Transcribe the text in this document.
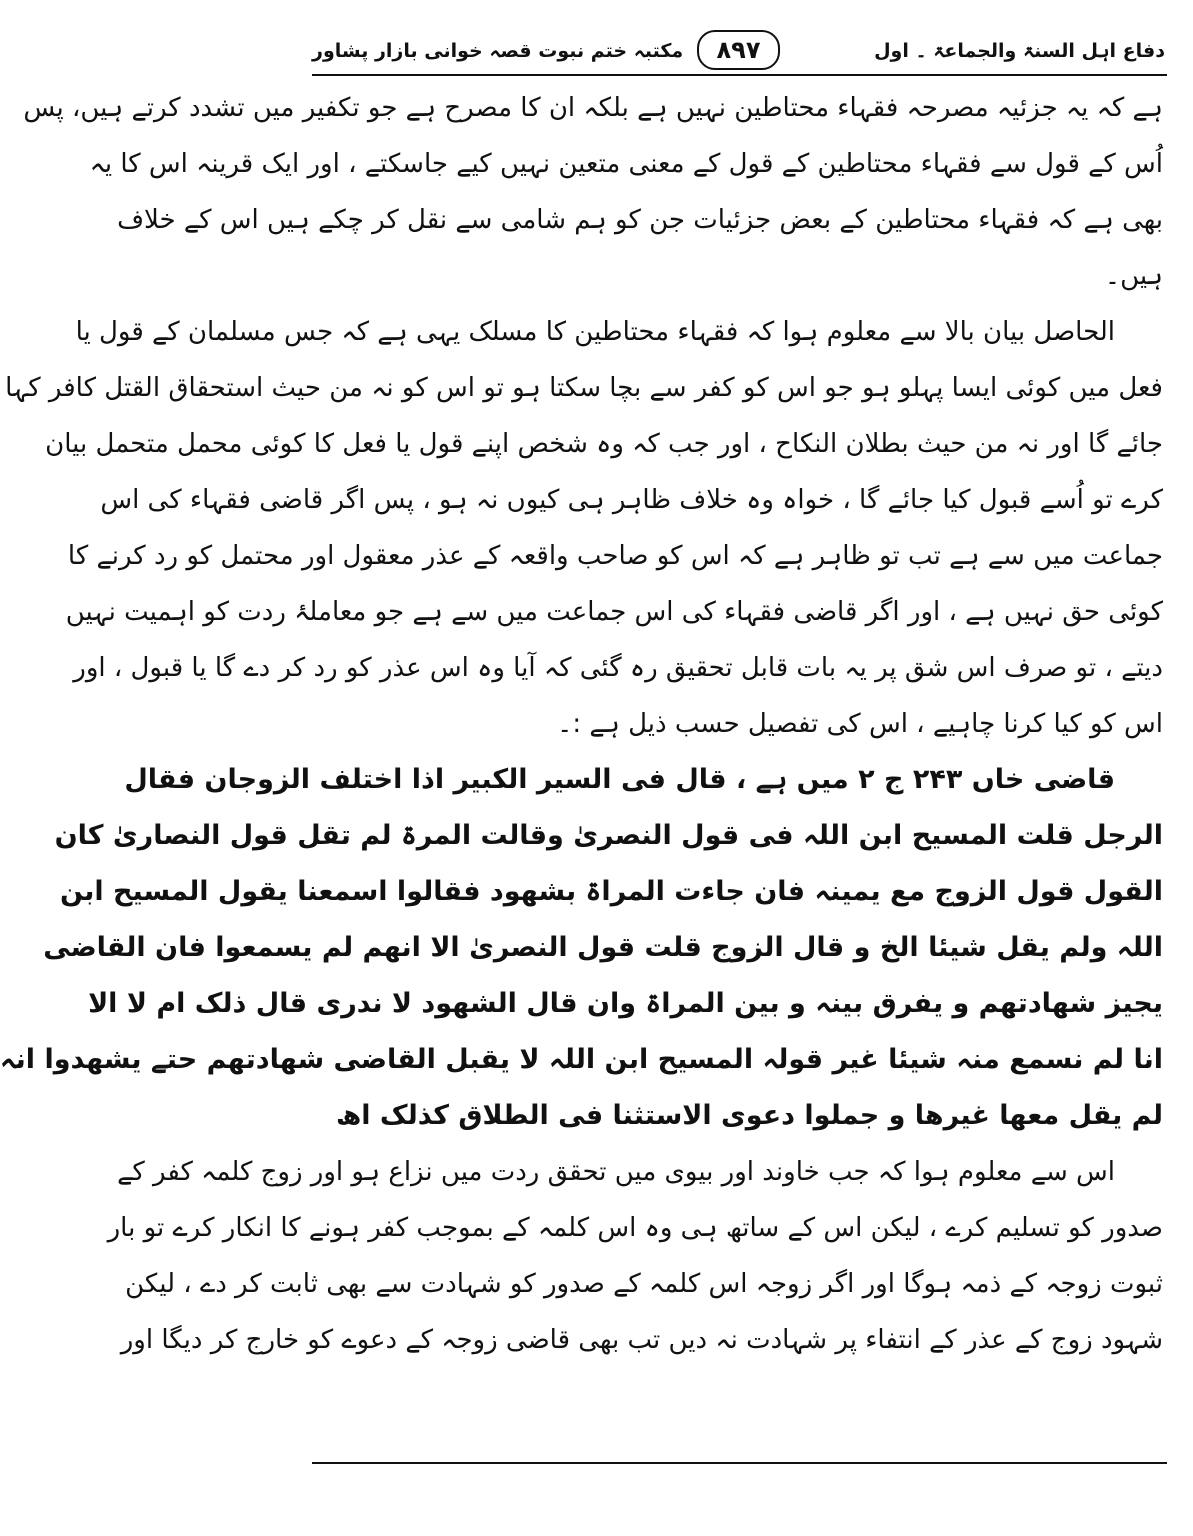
دفاع اہل السنۃ والجماعۃ ۔ اول
مکتبہ ختم نبوت قصہ خوانی بازار پشاور	۸۹۷
ہے کہ یہ جزئیہ مصرحہ فقہاء محتاطین نہیں ہے بلکہ ان کا مصرح ہے جو تکفیر میں تشدد کرتے ہیں، پس
اُس کے قول سے فقہاء محتاطین کے قول کے معنی متعین نہیں کیے جاسکتے ، اور ایک قرینہ اس کا یہ
بھی ہے کہ فقہاء محتاطین کے بعض جزئیات جن کو ہم شامی سے نقل کر چکے ہیں اس کے خلاف
ہیں۔
الحاصل بیان بالا سے معلوم ہوا کہ فقہاء محتاطین کا مسلک یہی ہے کہ جس مسلمان کے قول یا
فعل میں کوئی ایسا پہلو ہو جو اس کو کفر سے بچا سکتا ہو تو اس کو نہ من حیث استحقاق القتل کافر کہا
جائے گا اور نہ من حیث بطلان النکاح ، اور جب کہ وہ شخص اپنے قول یا فعل کا کوئی محمل متحمل بیان
کرے تو اُسے قبول کیا جائے گا ، خواہ وہ خلاف ظاہر ہی کیوں نہ ہو ، پس اگر قاضی فقہاء کی اس
جماعت میں سے ہے تب تو ظاہر ہے کہ اس کو صاحب واقعہ کے عذر معقول اور محتمل کو رد کرنے کا
کوئی حق نہیں ہے ، اور اگر قاضی فقہاء کی اس جماعت میں سے ہے جو معاملۂ ردت کو اہمیت نہیں
دیتے ، تو صرف اس شق پر یہ بات قابل تحقیق رہ گئی کہ آیا وہ اس عذر کو رد کر دے گا یا قبول ، اور
اس کو کیا کرنا چاہیے ، اس کی تفصیل حسب ذیل ہے :۔
قاضی خاں ۲۴۳ ج ۲ میں ہے ، قال فی السیر الکبیر اذا اختلف الزوجان فقال
الرجل قلت المسیح ابن اللہ فی قول النصریٰ وقالت المرۃ لم تقل قول النصاریٰ کان
القول قول الزوج مع یمینہ فان جاءت المراۃ بشھود فقالوا اسمعنا یقول المسیح ابن
اللہ ولم یقل شیئا الخ و قال الزوج قلت قول النصریٰ الا انھم لم یسمعوا فان القاضی
یجیز شھادتھم و یفرق بینہ و بین المراۃ وان قال الشھود لا ندری قال ذلک ام لا الا
انا لم نسمع منہ شیئا غیر قولہ المسیح ابن اللہ لا یقبل القاضی شھادتھم حتے یشھدوا انہ
لم یقل معھا غیرھا و جملوا دعوی الاستثنا فی الطلاق کذلک اھ
اس سے معلوم ہوا کہ جب خاوند اور بیوی میں تحقق ردت میں نزاع ہو اور زوج کلمہ کفر کے
صدور کو تسلیم کرے ، لیکن اس کے ساتھ ہی وہ اس کلمہ کے بموجب کفر ہونے کا انکار کرے تو بار
ثبوت زوجہ کے ذمہ ہوگا اور اگر زوجہ اس کلمہ کے صدور کو شہادت سے بھی ثابت کر دے ، لیکن
شہود زوج کے عذر کے انتفاء پر شہادت نہ دیں تب بھی قاضی زوجہ کے دعوے کو خارج کر دیگا اور
